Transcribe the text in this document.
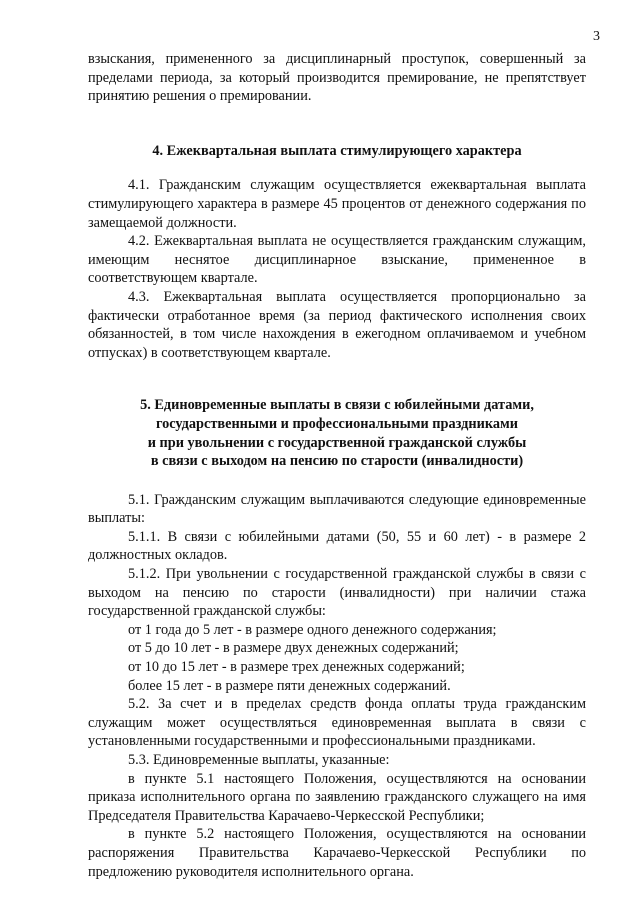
3

взыскания, примененного за дисциплинарный проступок, совершенный за пределами периода, за который производится премирование, не препятствует принятию решения о премировании.

4. Ежеквартальная выплата стимулирующего характера

4.1. Гражданским служащим осуществляется ежеквартальная выплата стимулирующего характера в размере 45 процентов от денежного содержания по замещаемой должности.

4.2. Ежеквартальная выплата не осуществляется гражданским служащим, имеющим неснятое дисциплинарное взыскание, примененное в соответствующем квартале.

4.3. Ежеквартальная выплата осуществляется пропорционально за фактически отработанное время (за период фактического исполнения своих обязанностей, в том числе нахождения в ежегодном оплачиваемом и учебном отпусках) в соответствующем квартале.

5. Единовременные выплаты в связи с юбилейными датами,
государственными и профессиональными праздниками
и при увольнении с государственной гражданской службы
в связи с выходом на пенсию по старости (инвалидности)

5.1. Гражданским служащим выплачиваются следующие единовременные выплаты:

5.1.1. В связи с юбилейными датами (50, 55 и 60 лет) - в размере 2 должностных окладов.

5.1.2. При увольнении с государственной гражданской службы в связи с выходом на пенсию по старости (инвалидности) при наличии стажа государственной гражданской службы:

от 1 года до 5 лет - в размере одного денежного содержания;

от 5 до 10 лет - в размере двух денежных содержаний;

от 10 до 15 лет - в размере трех денежных содержаний;

более 15 лет - в размере пяти денежных содержаний.

5.2. За счет и в пределах средств фонда оплаты труда гражданским служащим может осуществляться единовременная выплата в связи с установленными государственными и профессиональными праздниками.

5.3. Единовременные выплаты, указанные:

в пункте 5.1 настоящего Положения, осуществляются на основании приказа исполнительного органа по заявлению гражданского служащего на имя Председателя Правительства Карачаево-Черкесской Республики;

в пункте 5.2 настоящего Положения, осуществляются на основании распоряжения Правительства Карачаево-Черкесской Республики по предложению руководителя исполнительного органа.
